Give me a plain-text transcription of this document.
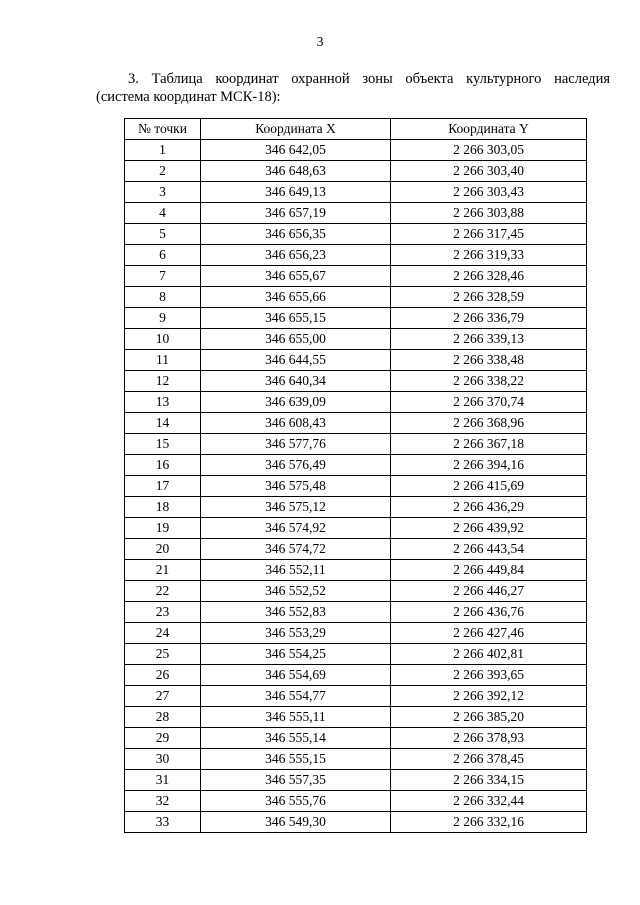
3
3. Таблица координат охранной зоны объекта культурного наследия
(система координат МСК-18):
№ точки	Координата X	Координата Y
1	346 642,05	2 266 303,05
2	346 648,63	2 266 303,40
3	346 649,13	2 266 303,43
4	346 657,19	2 266 303,88
5	346 656,35	2 266 317,45
6	346 656,23	2 266 319,33
7	346 655,67	2 266 328,46
8	346 655,66	2 266 328,59
9	346 655,15	2 266 336,79
10	346 655,00	2 266 339,13
11	346 644,55	2 266 338,48
12	346 640,34	2 266 338,22
13	346 639,09	2 266 370,74
14	346 608,43	2 266 368,96
15	346 577,76	2 266 367,18
16	346 576,49	2 266 394,16
17	346 575,48	2 266 415,69
18	346 575,12	2 266 436,29
19	346 574,92	2 266 439,92
20	346 574,72	2 266 443,54
21	346 552,11	2 266 449,84
22	346 552,52	2 266 446,27
23	346 552,83	2 266 436,76
24	346 553,29	2 266 427,46
25	346 554,25	2 266 402,81
26	346 554,69	2 266 393,65
27	346 554,77	2 266 392,12
28	346 555,11	2 266 385,20
29	346 555,14	2 266 378,93
30	346 555,15	2 266 378,45
31	346 557,35	2 266 334,15
32	346 555,76	2 266 332,44
33	346 549,30	2 266 332,16
